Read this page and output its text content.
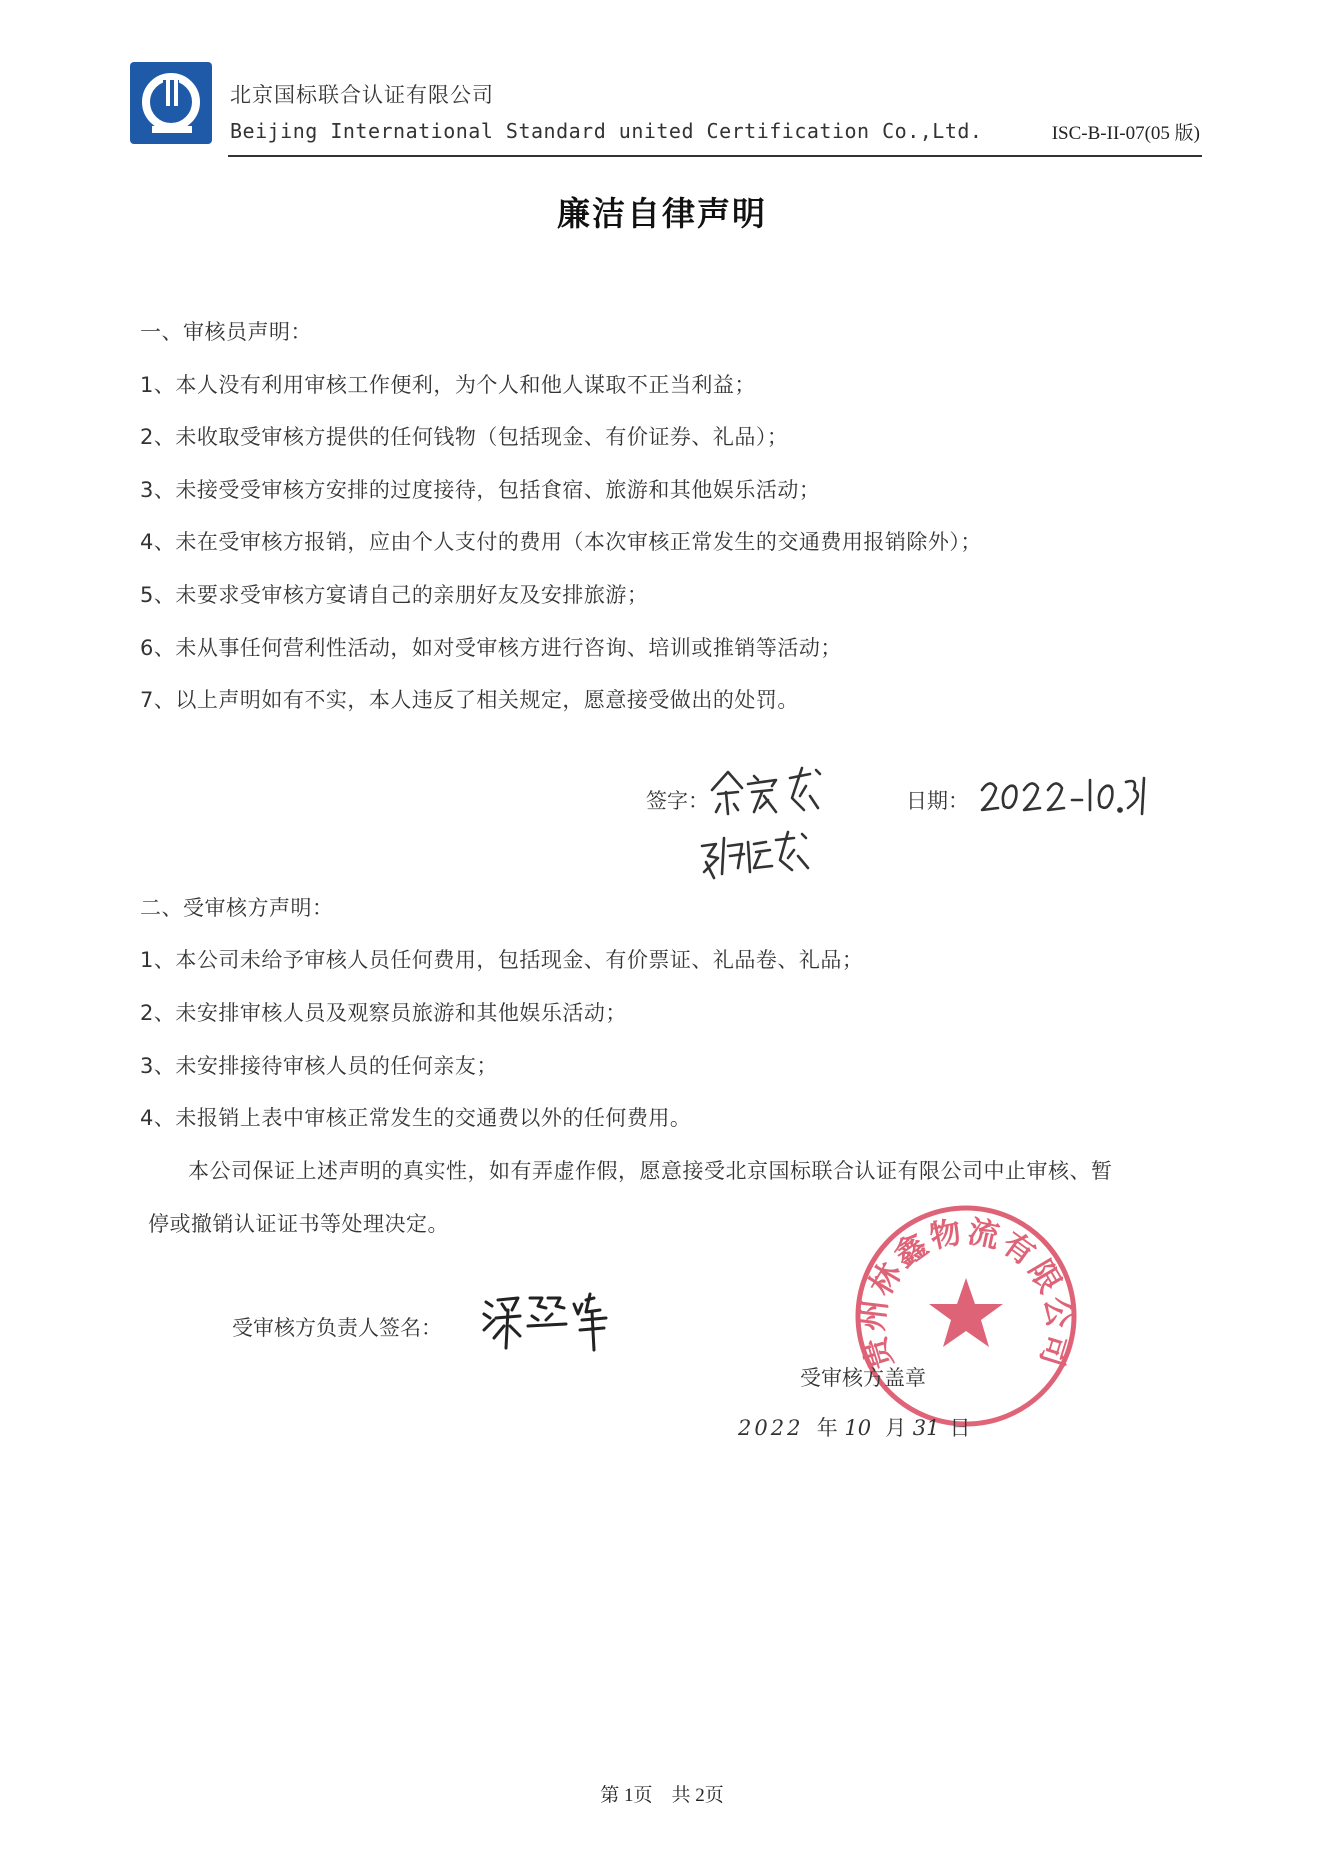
北京国标联合认证有限公司
Beijing International Standard united Certification Co.,Ltd.	ISC-B-II-07(05 版)
廉洁自律声明
一、审核员声明：
1、本人没有利用审核工作便利，为个人和他人谋取不正当利益；
2、未收取受审核方提供的任何钱物（包括现金、有价证券、礼品）；
3、未接受受审核方安排的过度接待，包括食宿、旅游和其他娱乐活动；
4、未在受审核方报销，应由个人支付的费用（本次审核正常发生的交通费用报销除外）；
5、未要求受审核方宴请自己的亲朋好友及安排旅游；
6、未从事任何营利性活动，如对受审核方进行咨询、培训或推销等活动；
7、以上声明如有不实，本人违反了相关规定，愿意接受做出的处罚。
签字：	日期：
二、受审核方声明：
1、本公司未给予审核人员任何费用，包括现金、有价票证、礼品卷、礼品；
2、未安排审核人员及观察员旅游和其他娱乐活动；
3、未安排接待审核人员的任何亲友；
4、未报销上表中审核正常发生的交通费以外的任何费用。
本公司保证上述声明的真实性，如有弄虚作假，愿意接受北京国标联合认证有限公司中止审核、暂
停或撤销认证证书等处理决定。
受审核方负责人签名：
贵州林鑫物流有限公司
受审核方盖章
2022 年 10 月 31 日
第 1页　共 2页
